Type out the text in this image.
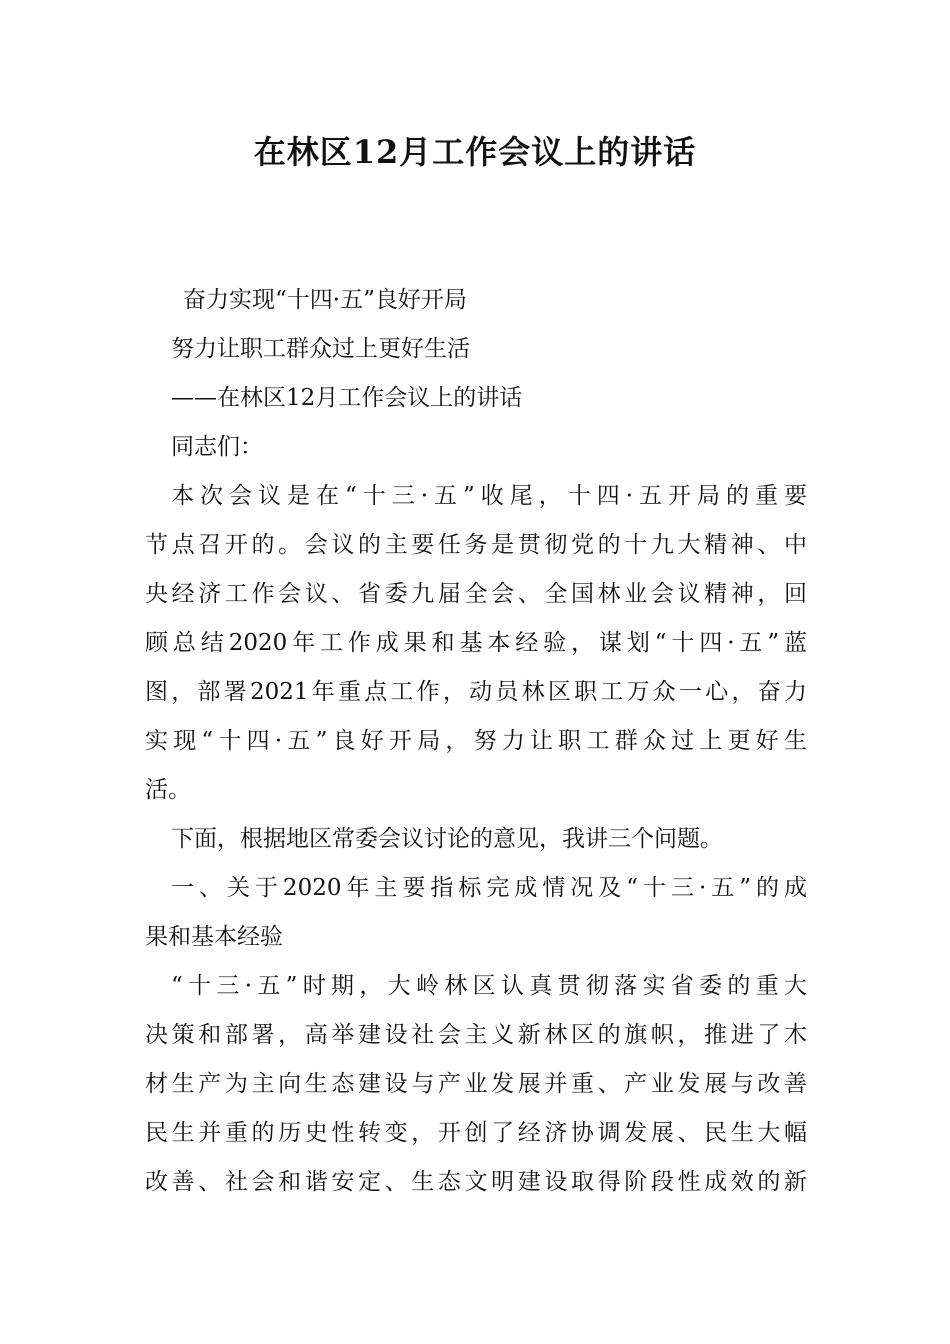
在林区12月工作会议上的讲话
奋力实现“十四·五”良好开局
努力让职工群众过上更好生活
——在林区12月工作会议上的讲话
同志们：
本次会议是在“十三·五”收尾，十四·五开局的重要
节点召开的。会议的主要任务是贯彻党的十九大精神、中
央经济工作会议、省委九届全会、全国林业会议精神，回
顾总结2020年工作成果和基本经验，谋划“十四·五”蓝
图，部署2021年重点工作，动员林区职工万众一心，奋力
实现“十四·五”良好开局，努力让职工群众过上更好生
活。
下面，根据地区常委会议讨论的意见，我讲三个问题。
一、关于2020年主要指标完成情况及“十三·五”的成
果和基本经验
“十三·五”时期，大岭林区认真贯彻落实省委的重大
决策和部署，高举建设社会主义新林区的旗帜，推进了木
材生产为主向生态建设与产业发展并重、产业发展与改善
民生并重的历史性转变，开创了经济协调发展、民生大幅
改善、社会和谐安定、生态文明建设取得阶段性成效的新
